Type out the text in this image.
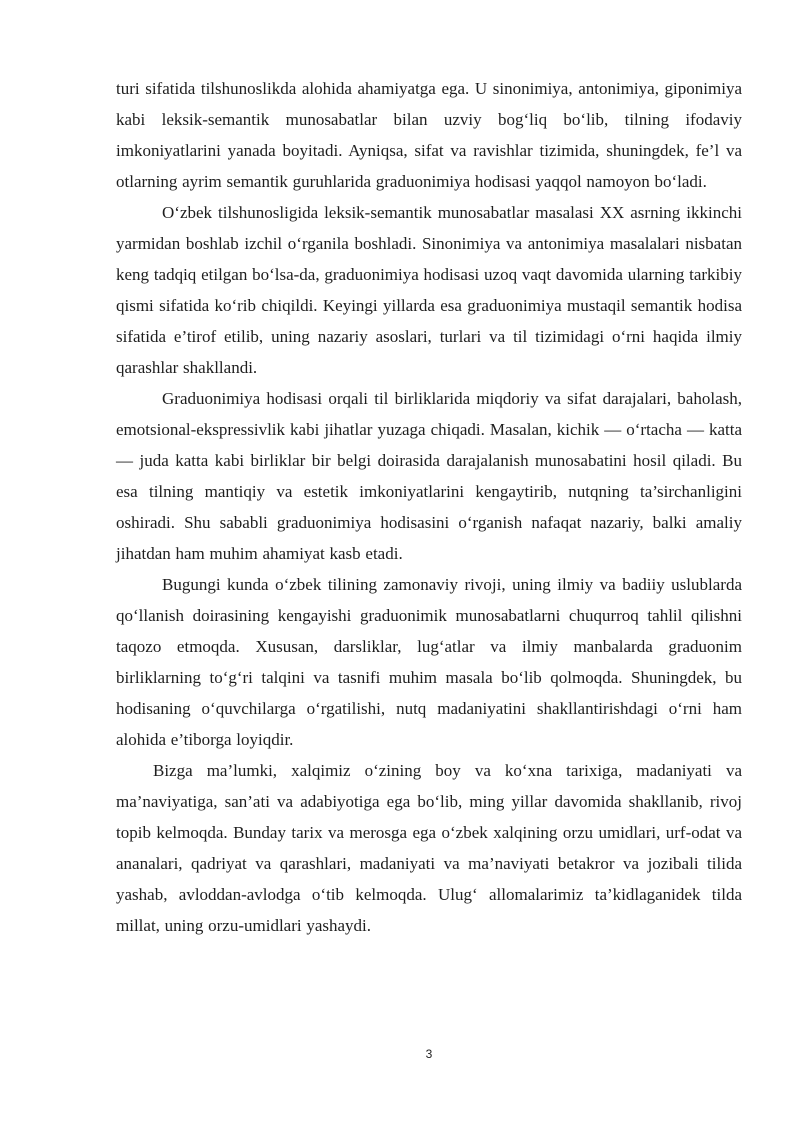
turi sifatida tilshunoslikda alohida ahamiyatga ega. U sinonimiya, antonimiya, giponimiya kabi leksik-semantik munosabatlar bilan uzviy bog‘liq bo‘lib, tilning ifodaviy imkoniyatlarini yanada boyitadi. Ayniqsa, sifat va ravishlar tizimida, shuningdek, fe’l va otlarning ayrim semantik guruhlarida graduonimiya hodisasi yaqqol namoyon bo‘ladi.

O‘zbek tilshunosligida leksik-semantik munosabatlar masalasi XX asrning ikkinchi yarmidan boshlab izchil o‘rganila boshladi. Sinonimiya va antonimiya masalalari nisbatan keng tadqiq etilgan bo‘lsa-da, graduonimiya hodisasi uzoq vaqt davomida ularning tarkibiy qismi sifatida ko‘rib chiqildi. Keyingi yillarda esa graduonimiya mustaqil semantik hodisa sifatida e’tirof etilib, uning nazariy asoslari, turlari va til tizimidagi o‘rni haqida ilmiy qarashlar shakllandi.

Graduonimiya hodisasi orqali til birliklarida miqdoriy va sifat darajalari, baholash, emotsional-ekspressivlik kabi jihatlar yuzaga chiqadi. Masalan, kichik — o‘rtacha — katta — juda katta kabi birliklar bir belgi doirasida darajalanish munosabatini hosil qiladi. Bu esa tilning mantiqiy va estetik imkoniyatlarini kengaytirib, nutqning ta’sirchanligini oshiradi. Shu sababli graduonimiya hodisasini o‘rganish nafaqat nazariy, balki amaliy jihatdan ham muhim ahamiyat kasb etadi.

Bugungi kunda o‘zbek tilining zamonaviy rivoji, uning ilmiy va badiiy uslublarda qo‘llanish doirasining kengayishi graduonimik munosabatlarni chuqurroq tahlil qilishni taqozo etmoqda. Xususan, darsliklar, lug‘atlar va ilmiy manbalarda graduonim birliklarning to‘g‘ri talqini va tasnifi muhim masala bo‘lib qolmoqda. Shuningdek, bu hodisaning o‘quvchilarga o‘rgatilishi, nutq madaniyatini shakllantirishdagi o‘rni ham alohida e’tiborga loyiqdir.

Bizga ma’lumki, xalqimiz o‘zining boy va ko‘xna tarixiga, madaniyati va ma’naviyatiga, san’ati va adabiyotiga ega bo‘lib, ming yillar davomida shakllanib, rivoj topib kelmoqda. Bunday tarix va merosga ega o‘zbek xalqining orzu umidlari, urf-odat va ananalari, qadriyat va qarashlari, madaniyati va ma’naviyati betakror va jozibali tilida yashab, avloddan-avlodga o‘tib kelmoqda. Ulug‘ allomalarimiz ta’kidlaganidek tilda millat, uning orzu-umidlari yashaydi.

3
